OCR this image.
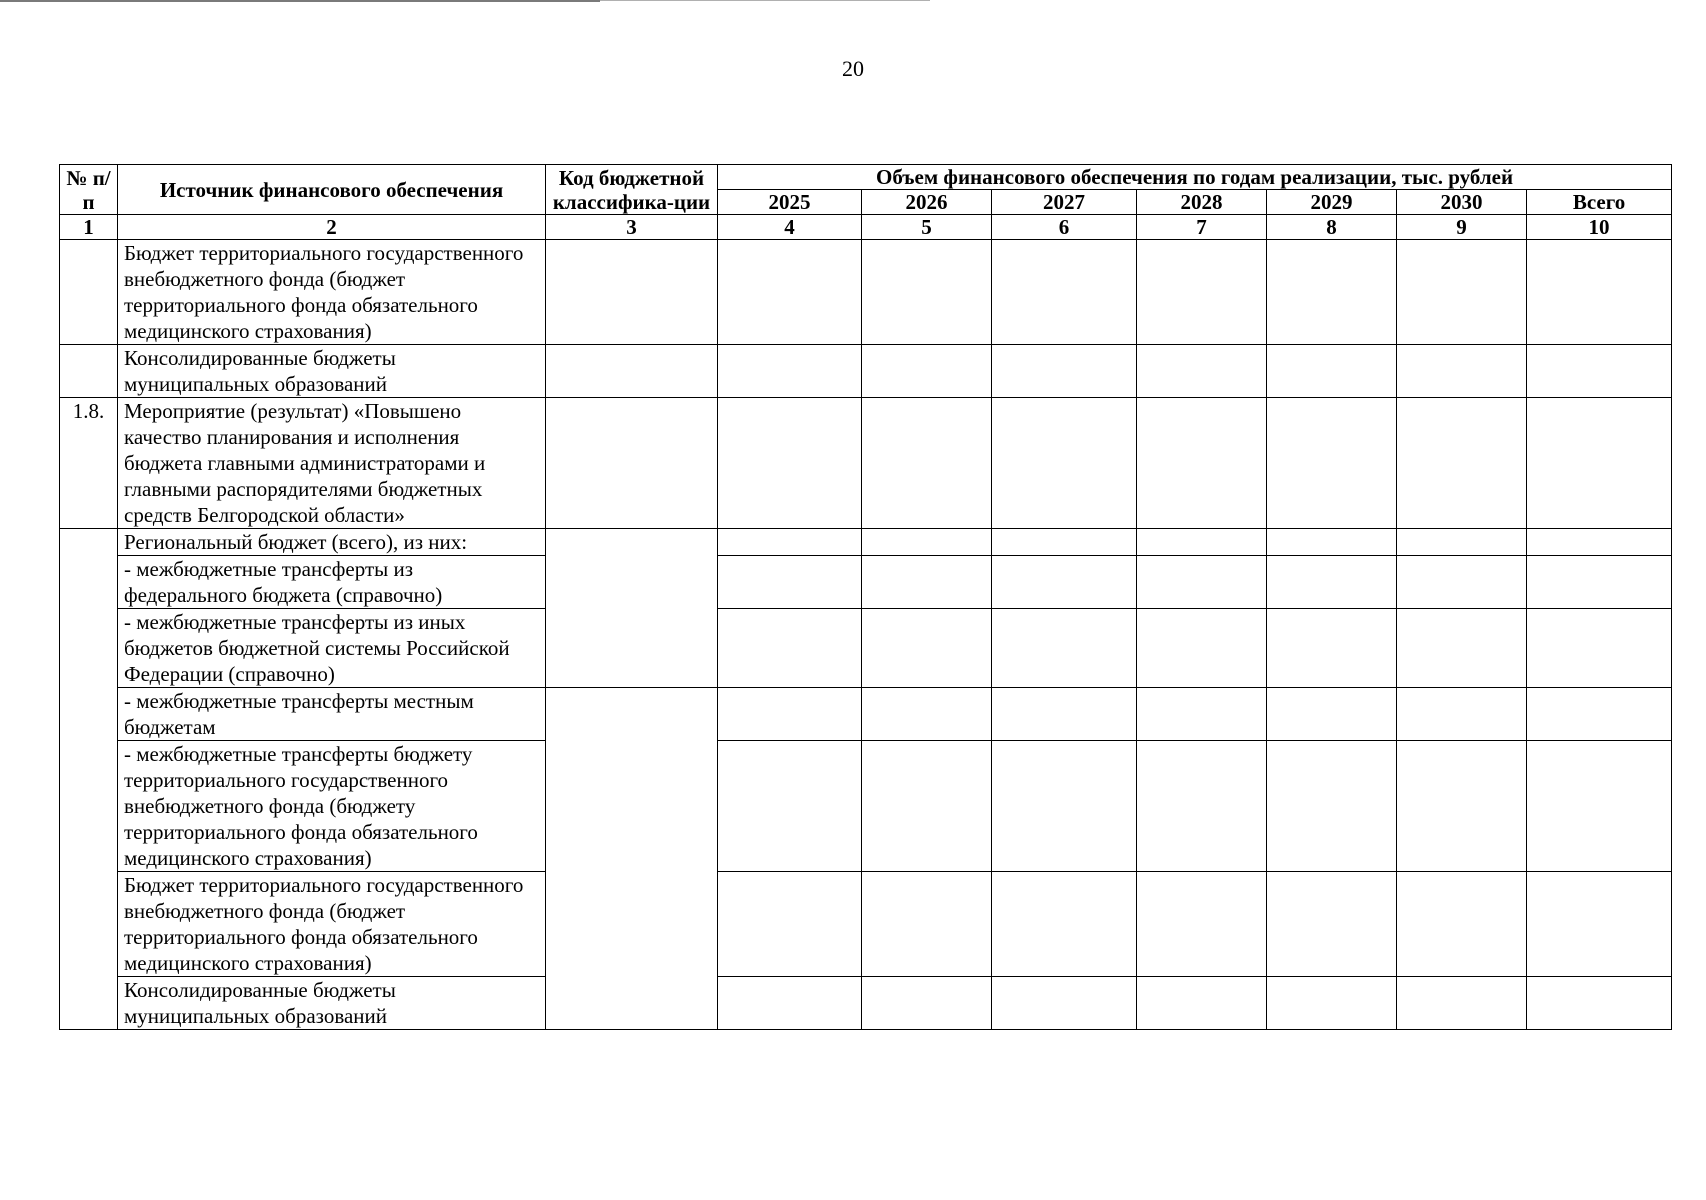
20
№ п/п	Источник финансового обеспечения	Код бюджетной классифика-ции	Объем финансового обеспечения по годам реализации, тыс. рублей						
			2025	2026	2027	2028	2029	2030	Всего
1	2	3	4	5	6	7	8	9	10
	Бюджет территориального государственного внебюджетного фонда (бюджет территориального фонда обязательного медицинского страхования)								
	Консолидированные бюджеты муниципальных образований								
1.8.	Мероприятие (результат) «Повышено качество планирования и исполнения бюджета главными администраторами и главными распорядителями бюджетных средств Белгородской области»								
	Региональный бюджет (всего), из них:								
	- межбюджетные трансферты из федерального бюджета (справочно)								
	- межбюджетные трансферты из иных бюджетов бюджетной системы Российской Федерации (справочно)								
	- межбюджетные трансферты местным бюджетам								
	- межбюджетные трансферты бюджету территориального государственного внебюджетного фонда (бюджету территориального фонда обязательного медицинского страхования)								
	Бюджет территориального государственного внебюджетного фонда (бюджет территориального фонда обязательного медицинского страхования)								
	Консолидированные бюджеты муниципальных образований								
